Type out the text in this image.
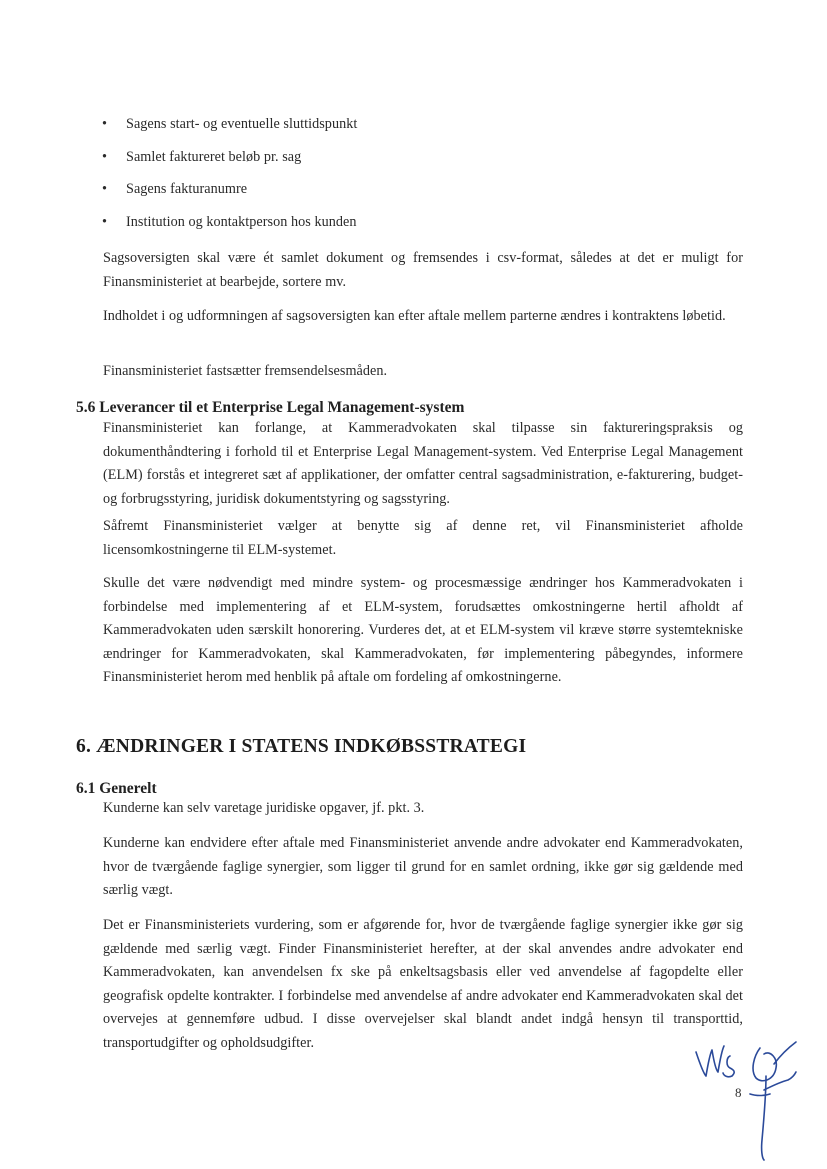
• Sagens start- og eventuelle sluttidspunkt
• Samlet faktureret beløb pr. sag
• Sagens fakturanumre
• Institution og kontaktperson hos kunden

Sagsoversigten skal være ét samlet dokument og fremsendes i csv-format, således at det er muligt for Finansministeriet at bearbejde, sortere mv.

Indholdet i og udformningen af sagsoversigten kan efter aftale mellem parterne ændres i kontraktens løbetid.

Finansministeriet fastsætter fremsendelsesmåden.

5.6 Leverancer til et Enterprise Legal Management-system

Finansministeriet kan forlange, at Kammeradvokaten skal tilpasse sin faktureringspraksis og dokumenthåndtering i forhold til et Enterprise Legal Management-system. Ved Enterprise Legal Management (ELM) forstås et integreret sæt af applikationer, der omfatter central sagsadministration, e-fakturering, budget- og forbrugsstyring, juridisk dokumentstyring og sagsstyring.

Såfremt Finansministeriet vælger at benytte sig af denne ret, vil Finansministeriet afholde licensomkostningerne til ELM-systemet.

Skulle det være nødvendigt med mindre system- og procesmæssige ændringer hos Kammeradvokaten i forbindelse med implementering af et ELM-system, forudsættes omkostningerne hertil afholdt af Kammeradvokaten uden særskilt honorering. Vurderes det, at et ELM-system vil kræve større systemtekniske ændringer for Kammeradvokaten, skal Kammeradvokaten, før implementering påbegyndes, informere Finansministeriet herom med henblik på aftale om fordeling af omkostningerne.

6. ÆNDRINGER I STATENS INDKØBSSTRATEGI
6.1 Generelt

Kunderne kan selv varetage juridiske opgaver, jf. pkt. 3.

Kunderne kan endvidere efter aftale med Finansministeriet anvende andre advokater end Kammeradvokaten, hvor de tværgående faglige synergier, som ligger til grund for en samlet ordning, ikke gør sig gældende med særlig vægt.

Det er Finansministeriets vurdering, som er afgørende for, hvor de tværgående faglige synergier ikke gør sig gældende med særlig vægt. Finder Finansministeriet herefter, at der skal anvendes andre advokater end Kammeradvokaten, kan anvendelsen fx ske på enkeltsagsbasis eller ved anvendelse af fagopdelte eller geografisk opdelte kontrakter. I forbindelse med anvendelse af andre advokater end Kammeradvokaten skal det overvejes at gennemføre udbud. I disse overvejelser skal blandt andet indgå hensyn til transporttid, transportudgifter og opholdsudgifter.

8
